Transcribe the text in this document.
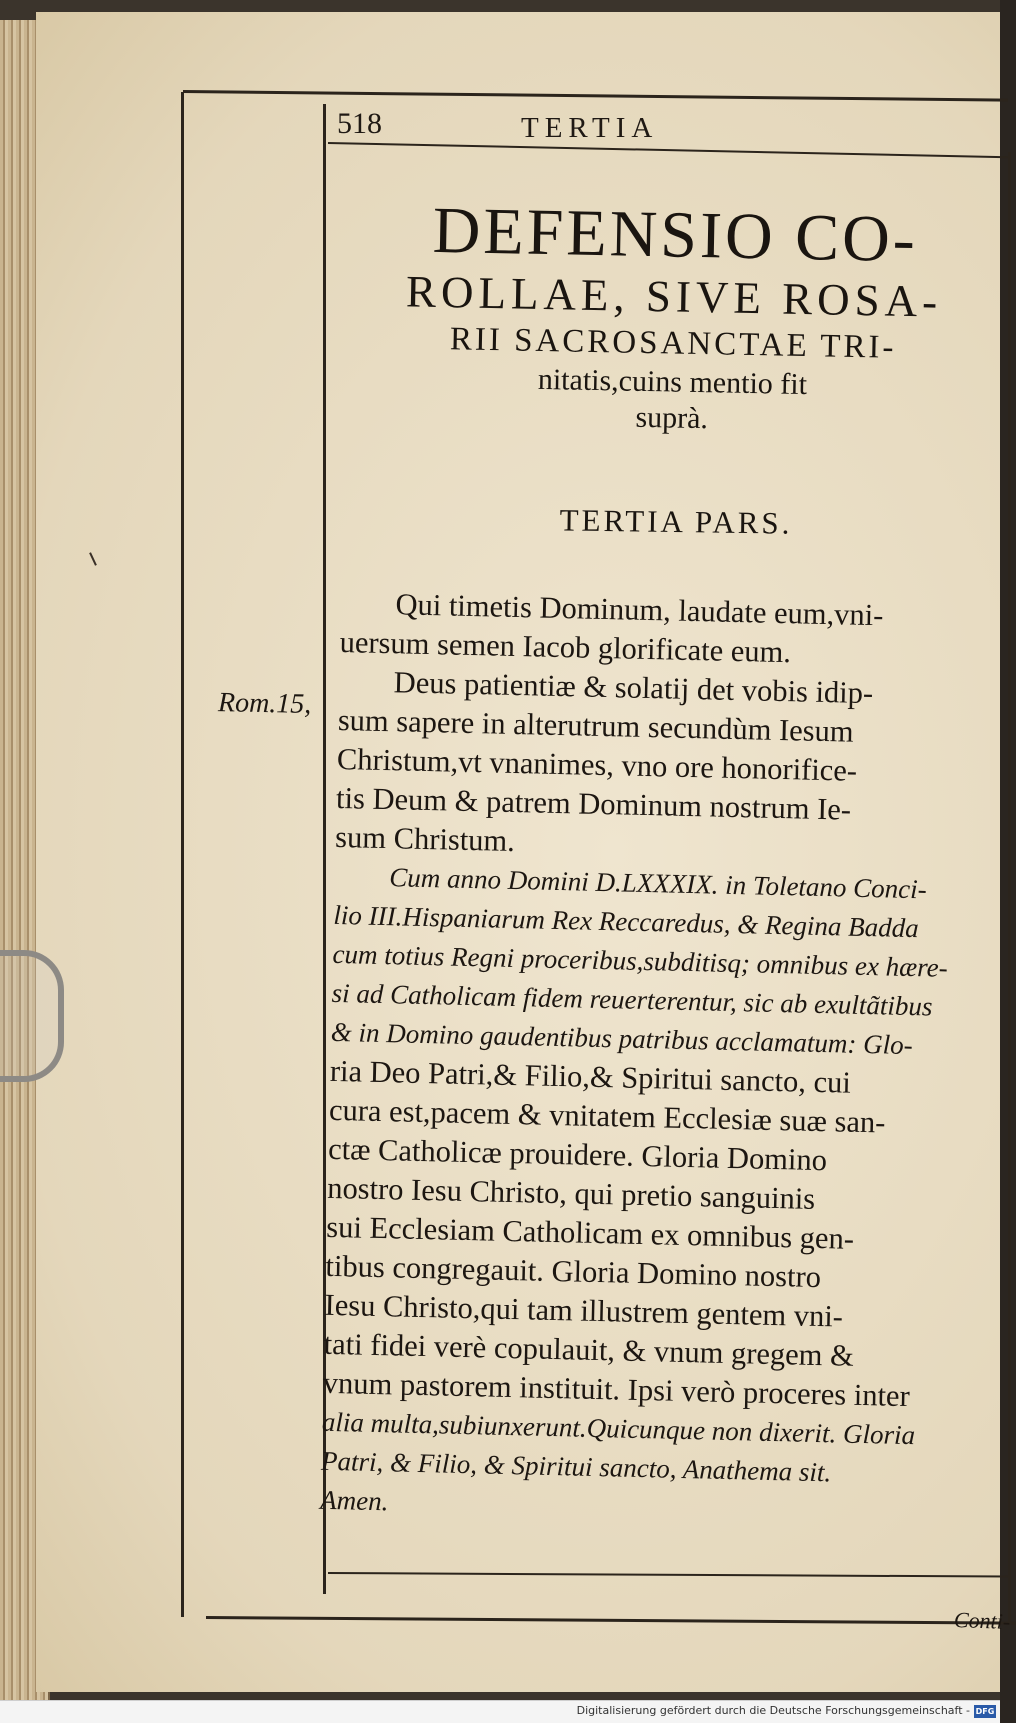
518	TERTIA
DEFENSIO CO-
ROLLAE, SIVE ROSA-
RII SACROSANCTAE TRI-
nitatis,cuins mentio fit
suprà.
TERTIA PARS.
Rom.15,
Qui timetis Dominum, laudate eum,vni-
uersum semen Iacob glorificate eum.
Deus patientiæ & solatij det vobis idip-
sum sapere in alterutrum secundùm Iesum
Christum,vt vnanimes, vno ore honorifice-
tis Deum & patrem Dominum nostrum Ie-
sum Christum.
Cum anno Domini D.LXXXIX. in Toletano Conci-
lio III.Hispaniarum Rex Reccaredus, & Regina Badda
cum totius Regni proceribus,subditisq; omnibus ex hære-
si ad Catholicam fidem reuerterentur, sic ab exultãtibus
& in Domino gaudentibus patribus acclamatum: Glo-
ria Deo Patri,& Filio,& Spiritui sancto, cui
cura est,pacem & vnitatem Ecclesiæ suæ san-
ctæ Catholicæ prouidere. Gloria Domino
nostro Iesu Christo, qui pretio sanguinis
sui Ecclesiam Catholicam ex omnibus gen-
tibus congregauit. Gloria Domino nostro
Iesu Christo,qui tam illustrem gentem vni-
tati fidei verè copulauit, & vnum gregem &
vnum pastorem instituit. Ipsi verò proceres inter
alia multa,subiunxerunt.Quicunque non dixerit. Gloria
Patri, & Filio, & Spiritui sancto, Anathema sit.
Amen.
Conti-
Digitalisierung gefördert durch die Deutsche Forschungsgemeinschaft - DFG
